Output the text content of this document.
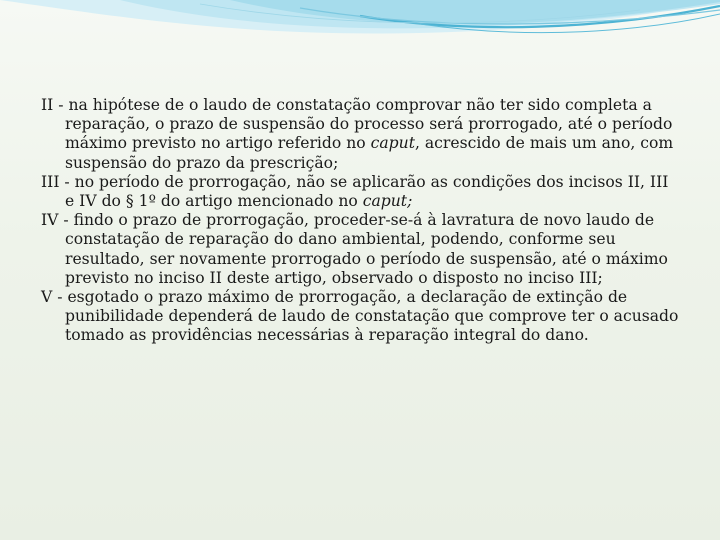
II - na hipótese de o laudo de constatação comprovar não ter sido completa a reparação, o prazo de suspensão do processo será prorrogado, até o período máximo previsto no artigo referido no caput, acrescido de mais um ano, com suspensão do prazo da prescrição;

III - no período de prorrogação, não se aplicarão as condições dos incisos II, III e IV do § 1º do artigo mencionado no caput;

IV - findo o prazo de prorrogação, proceder-se-á à lavratura de novo laudo de constatação de reparação do dano ambiental, podendo, conforme seu resultado, ser novamente prorrogado o período de suspensão, até o máximo previsto no inciso II deste artigo, observado o disposto no inciso III;

V - esgotado o prazo máximo de prorrogação, a declaração de extinção de punibilidade dependerá de laudo de constatação que comprove ter o acusado tomado as providências necessárias à reparação integral do dano.
